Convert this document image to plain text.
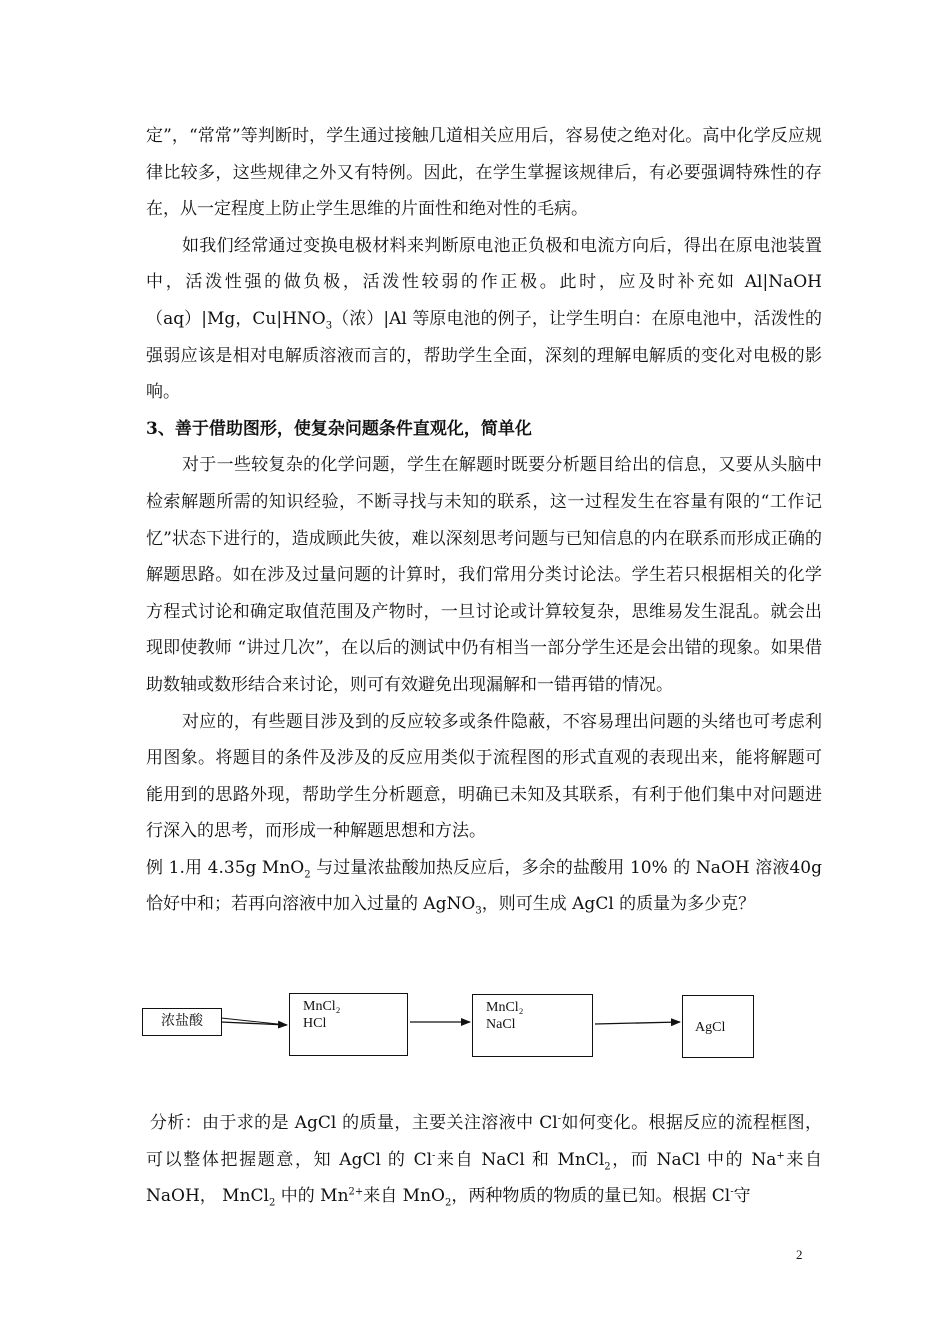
定”，“常常”等判断时，学生通过接触几道相关应用后，容易使之绝对化。高中化学反应规律比较多，这些规律之外又有特例。因此，在学生掌握该规律后，有必要强调特殊性的存在，从一定程度上防止学生思维的片面性和绝对性的毛病。

如我们经常通过变换电极材料来判断原电池正负极和电流方向后，得出在原电池装置中，活泼性强的做负极，活泼性较弱的作正极。此时，应及时补充如 Al|NaOH（aq）|Mg，$Cu|HNO_3$（浓）|Al 等原电池的例子，让学生明白：在原电池中，活泼性的强弱应该是相对电解质溶液而言的，帮助学生全面，深刻的理解电解质的变化对电极的影响。

3、善于借助图形，使复杂问题条件直观化，简单化

对于一些较复杂的化学问题，学生在解题时既要分析题目给出的信息，又要从头脑中检索解题所需的知识经验，不断寻找与未知的联系，这一过程发生在容量有限的“工作记忆”状态下进行的，造成顾此失彼，难以深刻思考问题与已知信息的内在联系而形成正确的解题思路。如在涉及过量问题的计算时，我们常用分类讨论法。学生若只根据相关的化学方程式讨论和确定取值范围及产物时，一旦讨论或计算较复杂，思维易发生混乱。就会出现即使教师 “讲过几次”，在以后的测试中仍有相当一部分学生还是会出错的现象。如果借助数轴或数形结合来讨论，则可有效避免出现漏解和一错再错的情况。

对应的，有些题目涉及到的反应较多或条件隐蔽，不容易理出问题的头绪也可考虑利用图象。将题目的条件及涉及的反应用类似于流程图的形式直观的表现出来，能将解题可能用到的思路外现，帮助学生分析题意，明确已未知及其联系，有利于他们集中对问题进行深入的思考，而形成一种解题思想和方法。

例 1.用 4.35g MnO$_2$ 与过量浓盐酸加热反应后，多余的盐酸用 10% 的 NaOH 溶液40g 恰好中和；若再向溶液中加入过量的 AgNO$_3$，则可生成 AgCl 的质量为多少克？

浓盐酸
MnCl₂
HCl
MnCl₂
NaCl	AgCl

分析：由于求的是 AgCl 的质量，主要关注溶液中 Cl-如何变化。根据反应的流程框图，可以整体把握题意，知 AgCl 的 Cl-来自 NaCl 和 MnCl$_2$，而 NaCl 中的 Na+来自 NaOH， MnCl$_2$ 中的 $Mn^{2+}$来自 MnO$_2$，两种物质的物质的量已知。根据 Cl-守

2
